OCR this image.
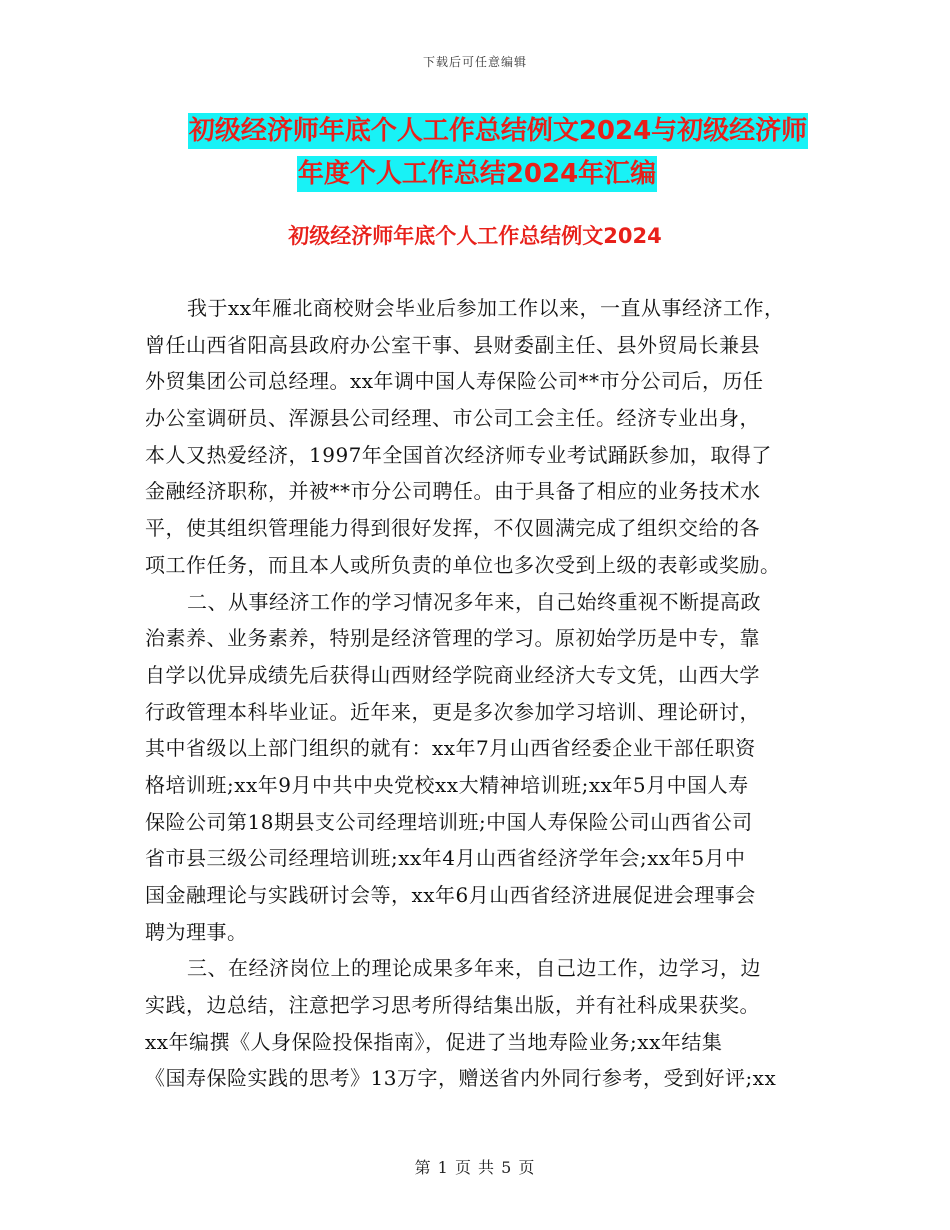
下载后可任意编辑
初级经济师年底个人工作总结例文2024与初级经济师
年度个人工作总结2024年汇编
初级经济师年底个人工作总结例文2024
我于xx年雁北商校财会毕业后参加工作以来，一直从事经济工作，
曾任山西省阳高县政府办公室干事、县财委副主任、县外贸局长兼县
外贸集团公司总经理。xx年调中国人寿保险公司**市分公司后，历任
办公室调研员、浑源县公司经理、市公司工会主任。经济专业出身，
本人又热爱经济，1997年全国首次经济师专业考试踊跃参加，取得了
金融经济职称，并被**市分公司聘任。由于具备了相应的业务技术水
平，使其组织管理能力得到很好发挥，不仅圆满完成了组织交给的各
项工作任务，而且本人或所负责的单位也多次受到上级的表彰或奖励。
二、从事经济工作的学习情况多年来，自己始终重视不断提高政
治素养、业务素养，特别是经济管理的学习。原初始学历是中专，靠
自学以优异成绩先后获得山西财经学院商业经济大专文凭，山西大学
行政管理本科毕业证。近年来，更是多次参加学习培训、理论研讨，
其中省级以上部门组织的就有：xx年7月山西省经委企业干部任职资
格培训班;xx年9月中共中央党校xx大精神培训班;xx年5月中国人寿
保险公司第18期县支公司经理培训班;中国人寿保险公司山西省公司
省市县三级公司经理培训班;xx年4月山西省经济学年会;xx年5月中
国金融理论与实践研讨会等，xx年6月山西省经济进展促进会理事会
聘为理事。
三、在经济岗位上的理论成果多年来，自己边工作，边学习，边
实践，边总结，注意把学习思考所得结集出版，并有社科成果获奖。
xx年编撰《人身保险投保指南》，促进了当地寿险业务;xx年结集
《国寿保险实践的思考》13万字，赠送省内外同行参考，受到好评;xx
第 1 页 共 5 页
